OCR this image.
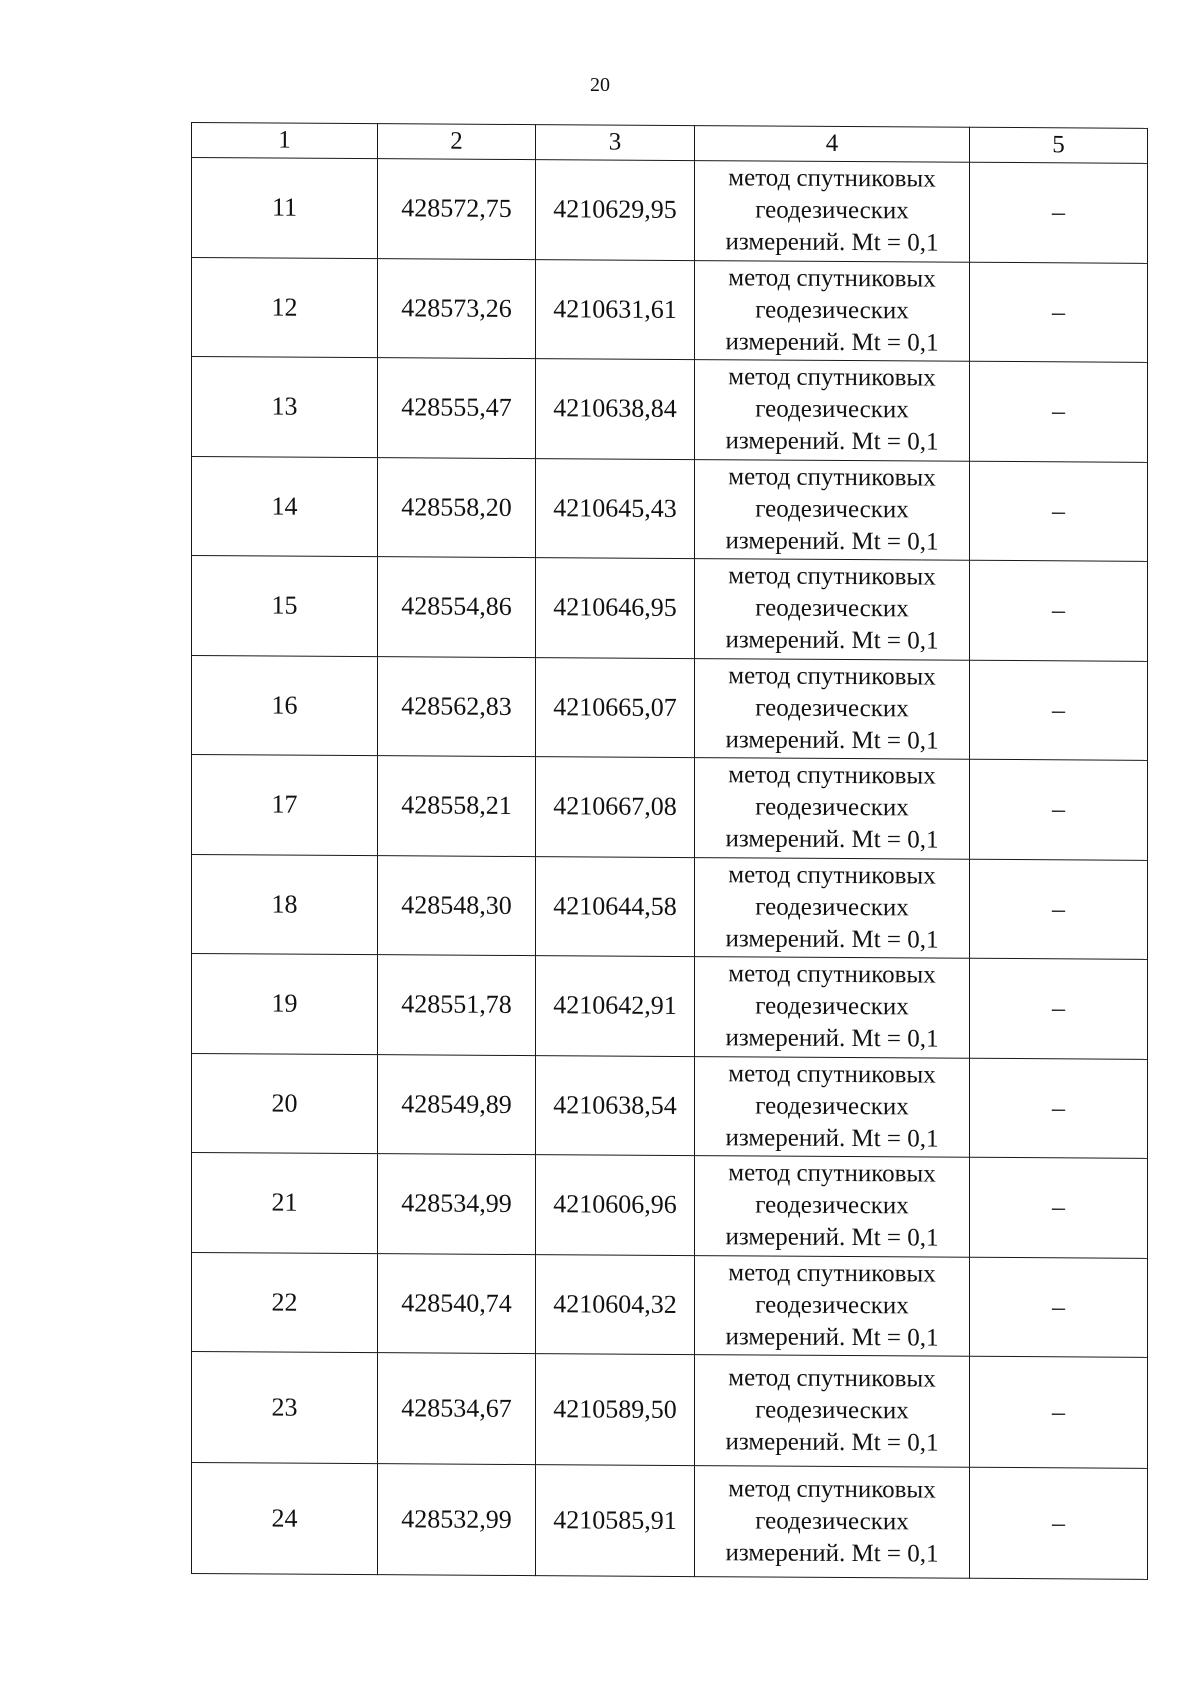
20
1	2	3	4	5
11	428572,75	4210629,95	метод спутниковых
геодезических
измерений. Mt = 0,1	–
12	428573,26	4210631,61	метод спутниковых
геодезических
измерений. Mt = 0,1	–
13	428555,47	4210638,84	метод спутниковых
геодезических
измерений. Mt = 0,1	–
14	428558,20	4210645,43	метод спутниковых
геодезических
измерений. Mt = 0,1	–
15	428554,86	4210646,95	метод спутниковых
геодезических
измерений. Mt = 0,1	–
16	428562,83	4210665,07	метод спутниковых
геодезических
измерений. Mt = 0,1	–
17	428558,21	4210667,08	метод спутниковых
геодезических
измерений. Mt = 0,1	–
18	428548,30	4210644,58	метод спутниковых
геодезических
измерений. Mt = 0,1	–
19	428551,78	4210642,91	метод спутниковых
геодезических
измерений. Mt = 0,1	–
20	428549,89	4210638,54	метод спутниковых
геодезических
измерений. Mt = 0,1	–
21	428534,99	4210606,96	метод спутниковых
геодезических
измерений. Mt = 0,1	–
22	428540,74	4210604,32	метод спутниковых
геодезических
измерений. Mt = 0,1	–
23	428534,67	4210589,50	метод спутниковых
геодезических
измерений. Mt = 0,1	–
24	428532,99	4210585,91	метод спутниковых
геодезических
измерений. Mt = 0,1	–
